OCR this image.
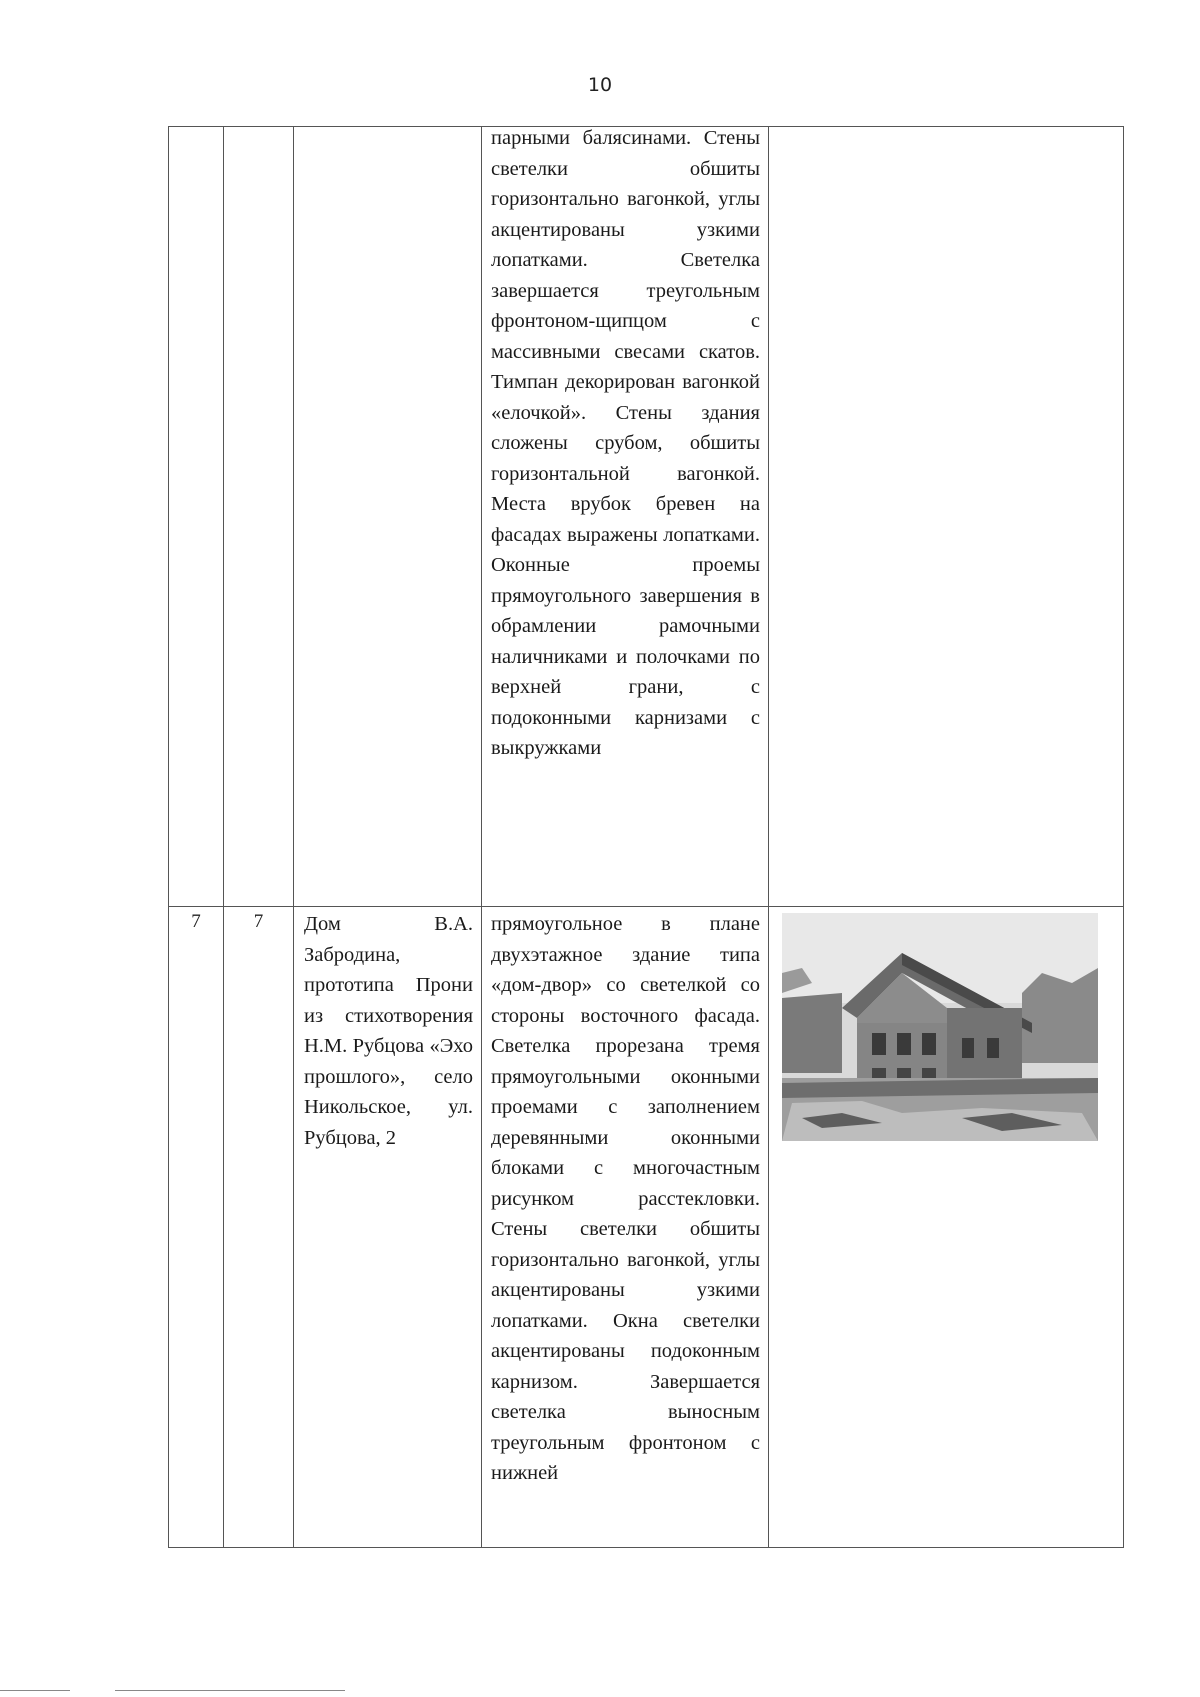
10

			парными балясинами. Стены светелки обшиты горизонтально вагонкой, углы акцентированы узкими лопатками. Светелка завершается треугольным фронтоном-щипцом с массивными свесами скатов. Тимпан декорирован вагонкой «елочкой». Стены здания сложены срубом, обшиты горизонтальной вагонкой. Места врубок бревен на фасадах выражены лопатками. Оконные проемы прямоугольного завершения в обрамлении рамочными наличниками и полочками по верхней грани, с подоконными карнизами с выкружками	

7	7	Дом В.А. Забродина, прототипа Прони из стихотворения Н.М. Рубцова «Эхо прошлого», село Никольское, ул. Рубцова, 2	прямоугольное в плане двухэтажное здание типа «дом-двор» со светелкой со стороны восточного фасада. Светелка прорезана тремя прямоугольными оконными проемами с заполнением деревянными оконными блоками с многочастным рисунком расстекловки. Стены светелки обшиты горизонтально вагонкой, углы акцентированы узкими лопатками. Окна светелки акцентированы подоконным карнизом. Завершается светелка выносным треугольным фронтоном с нижней
